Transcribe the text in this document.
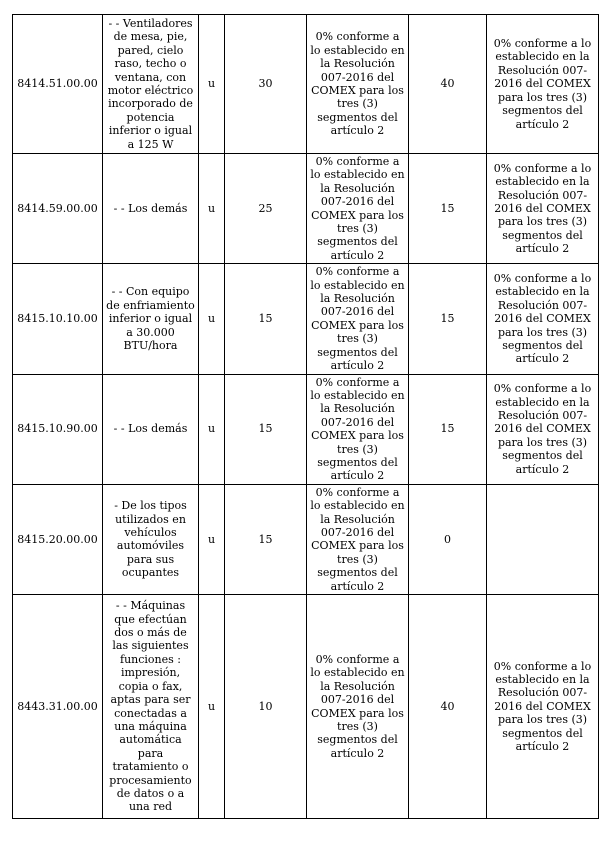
8414.51.00.00	- - Ventiladores de mesa, pie, pared, cielo raso, techo o ventana, con motor eléctrico incorporado de potencia inferior o igual a 125 W	u	30	0% conforme a lo establecido en la Resolución 007-2016 del COMEX para los tres (3) segmentos del artículo 2	40	0% conforme a lo establecido en la Resolución 007-2016 del COMEX para los tres (3) segmentos del artículo 2
8414.59.00.00	- - Los demás	u	25	0% conforme a lo establecido en la Resolución 007-2016 del COMEX para los tres (3) segmentos del artículo 2	15	0% conforme a lo establecido en la Resolución 007-2016 del COMEX para los tres (3) segmentos del artículo 2
8415.10.10.00	- - Con equipo de enfriamiento inferior o igual a 30.000 BTU/hora	u	15	0% conforme a lo establecido en la Resolución 007-2016 del COMEX para los tres (3) segmentos del artículo 2	15	0% conforme a lo establecido en la Resolución 007-2016 del COMEX para los tres (3) segmentos del artículo 2
8415.10.90.00	- - Los demás	u	15	0% conforme a lo establecido en la Resolución 007-2016 del COMEX para los tres (3) segmentos del artículo 2	15	0% conforme a lo establecido en la Resolución 007-2016 del COMEX para los tres (3) segmentos del artículo 2
8415.20.00.00	- De los tipos utilizados en vehículos automóviles para sus ocupantes	u	15	0% conforme a lo establecido en la Resolución 007-2016 del COMEX para los tres (3) segmentos del artículo 2	0	
8443.31.00.00	- - Máquinas que efectúan dos o más de las siguientes funciones : impresión, copia o fax, aptas para ser conectadas a una máquina automática para tratamiento o procesamiento de datos o a una red	u	10	0% conforme a lo establecido en la Resolución 007-2016 del COMEX para los tres (3) segmentos del artículo 2	40	0% conforme a lo establecido en la Resolución 007-2016 del COMEX para los tres (3) segmentos del artículo 2
